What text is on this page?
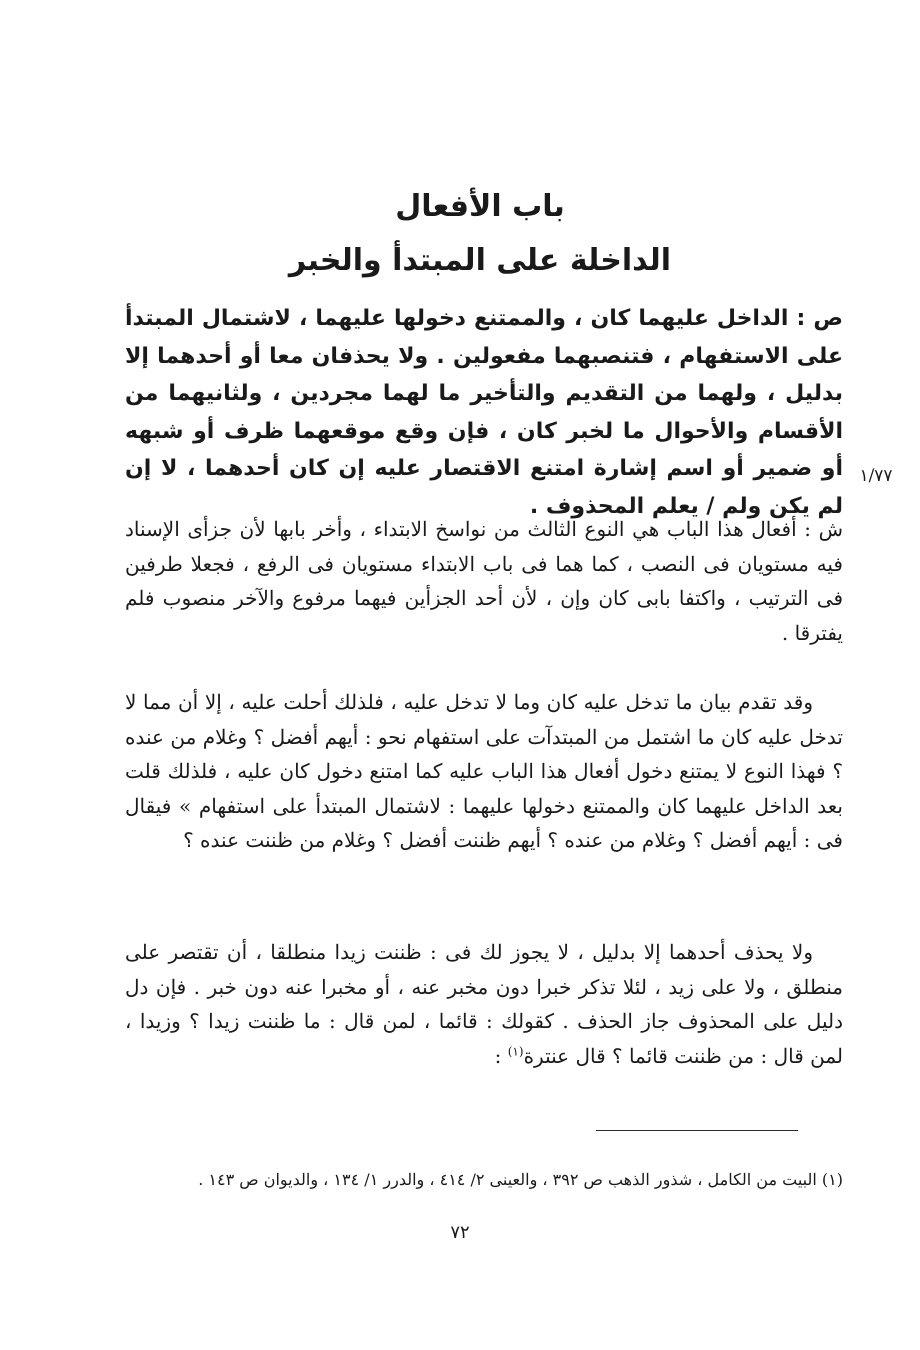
باب الأفعال

الداخلة على المبتدأ والخبر

ص : الداخل عليهما كان ، والممتنع دخولها عليهما ، لاشتمال المبتدأ على الاستفهام ، فتنصبهما مفعولين . ولا يحذفان معا أو أحدهما إلا بدليل ، ولهما من التقديم والتأخير ما لهما مجردين ، ولثانيهما من الأقسام والأحوال ما لخبر كان ، فإن وقع موقعهما ظرف أو شبهه أو ضمير أو اسم إشارة امتنع الاقتصار عليه إن كان أحدهما ، لا إن لم يكن ولم / يعلم المحذوف .
١/٧٧

ش : أفعال هذا الباب هي النوع الثالث من نواسخ الابتداء ، وأخر بابها لأن جزأى الإسناد فيه مستويان فى النصب ، كما هما فى باب الابتداء مستويان فى الرفع ، فجعلا طرفين فى الترتيب ، واكتفا بابى كان وإن ، لأن أحد الجزأين فيهما مرفوع والآخر منصوب فلم يفترقا .

وقد تقدم بيان ما تدخل عليه كان وما لا تدخل عليه ، فلذلك أحلت عليه ، إلا أن مما لا تدخل عليه كان ما اشتمل من المبتدآت على استفهام نحو : أيهم أفضل ؟ وغلام من عنده ؟ فهذا النوع لا يمتنع دخول أفعال هذا الباب عليه كما امتنع دخول كان عليه ، فلذلك قلت بعد الداخل عليهما كان والممتنع دخولها عليهما : لاشتمال المبتدأ على استفهام » فيقال فى : أيهم أفضل ؟ وغلام من عنده ؟ أيهم ظننت أفضل ؟ وغلام من ظننت عنده ؟

ولا يحذف أحدهما إلا بدليل ، لا يجوز لك فى : ظننت زيدا منطلقا ، أن تقتصر على منطلق ، ولا على زيد ، لئلا تذكر خبرا دون مخبر عنه ، أو مخبرا عنه دون خبر . فإن دل دليل على المحذوف جاز الحذف . كقولك : قائما ، لمن قال : ما ظننت زيدا ؟ وزيدا ، لمن قال : من ظننت قائما ؟ قال عنترة$^{(١)}$ :

(١) البيت من الكامل ، شذور الذهب ص ٣٩٢ ، والعينى ٢/ ٤١٤ ، والدرر ١/ ١٣٤ ، والديوان ص ١٤٣ .
٧٢
